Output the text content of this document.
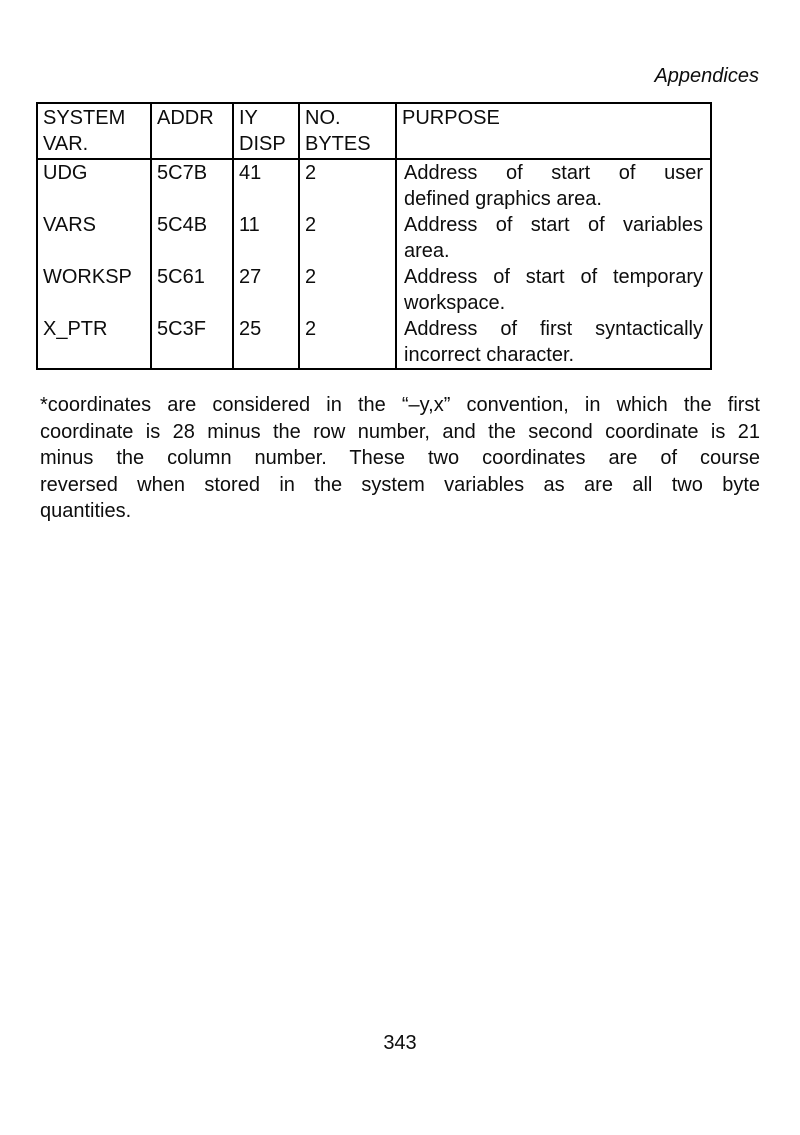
Appendices
SYSTEM VAR.	ADDR	IY DISP	NO. BYTES	PURPOSE
UDG	5C7B	41	2	Address of start of user
defined graphics area.

VARS	5C4B	11	2	Address of start of variables
area.

WORKSP	5C61	27	2	Address of start of temporary
workspace.

X_PTR	5C3F	25	2	Address of first syntactically
incorrect character.
*coordinates are considered in the “–y,x” convention, in which the first
coordinate is 28 minus the row number, and the second coordinate is 21
minus the column number. These two coordinates are of course
reversed when stored in the system variables as are all two byte
quantities.
343
